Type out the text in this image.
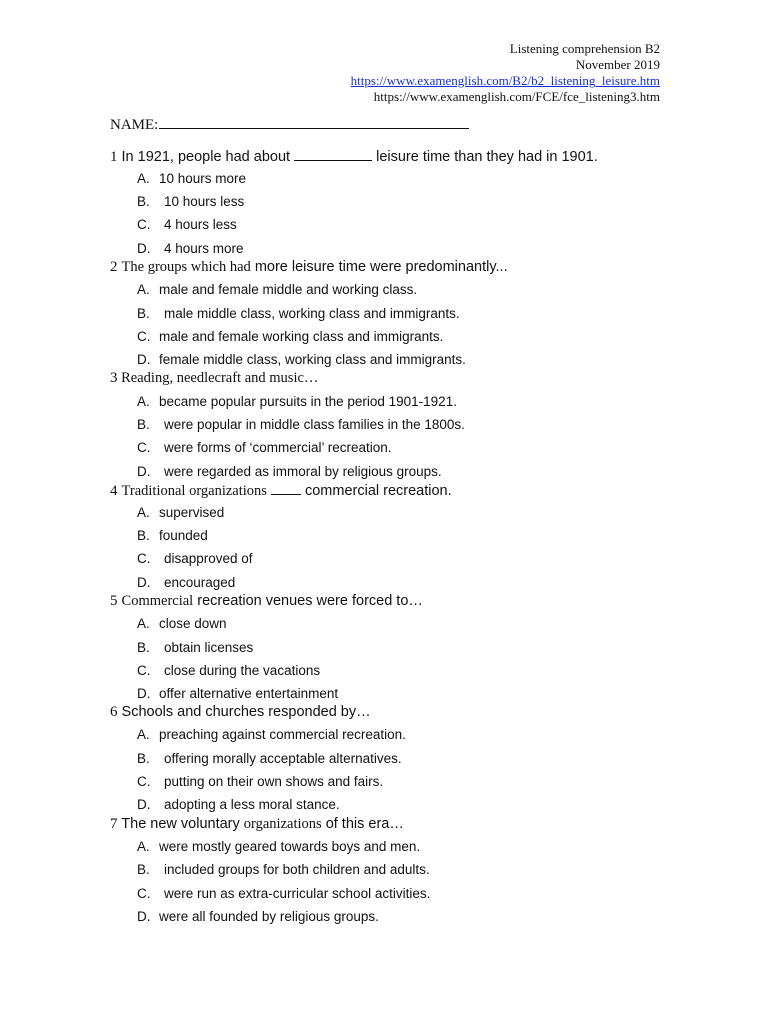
Listening comprehension B2
November 2019
https://www.examenglish.com/B2/b2_listening_leisure.htm
https://www.examenglish.com/FCE/fce_listening3.htm
NAME:
1 In 1921, people had about	leisure time than they had in 1901.
A. 10 hours more
B. 10 hours less
C. 4 hours less
D. 4 hours more
2 The groups which had more leisure time were predominantly...
A. male and female middle and working class.
B. male middle class, working class and immigrants.
C. male and female working class and immigrants.
D. female middle class, working class and immigrants.
3 Reading, needlecraft and music…
A. became popular pursuits in the period 1901-1921.
B. were popular in middle class families in the 1800s.
C. were forms of ‘commercial’ recreation.
D. were regarded as immoral by religious groups.
4 Traditional organizations	commercial recreation.
A. supervised
B. founded
C. disapproved of
D. encouraged
5 Commercial recreation venues were forced to…
A. close down
B. obtain licenses
C. close during the vacations
D. offer alternative entertainment
6 Schools and churches responded by…
A. preaching against commercial recreation.
B. offering morally acceptable alternatives.
C. putting on their own shows and fairs.
D. adopting a less moral stance.
7 The new voluntary organizations of this era…
A. were mostly geared towards boys and men.
B. included groups for both children and adults.
C. were run as extra-curricular school activities.
D. were all founded by religious groups.
